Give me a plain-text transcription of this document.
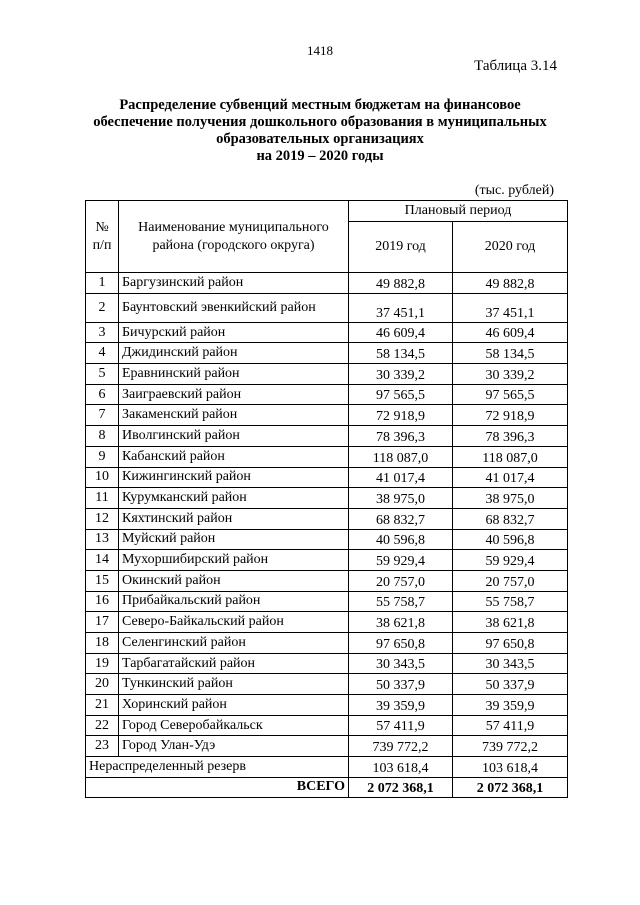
1418
Таблица 3.14
Распределение субвенций местным бюджетам на финансовое
обеспечение получения дошкольного образования в муниципальных
образовательных организациях
на 2019 – 2020 годы
(тыс. рублей)
№ п/п	Наименование муниципального района (городского округа)	Плановый период	
		2019 год	2020 год
1	Баргузинский район	49 882,8	49 882,8
2	Баунтовский эвенкийский район	37 451,1	37 451,1
3	Бичурский район	46 609,4	46 609,4
4	Джидинский район	58 134,5	58 134,5
5	Еравнинский район	30 339,2	30 339,2
6	Заиграевский район	97 565,5	97 565,5
7	Закаменский район	72 918,9	72 918,9
8	Иволгинский район	78 396,3	78 396,3
9	Кабанский район	118 087,0	118 087,0
10	Кижингинский район	41 017,4	41 017,4
11	Курумканский район	38 975,0	38 975,0
12	Кяхтинский район	68 832,7	68 832,7
13	Муйский район	40 596,8	40 596,8
14	Мухоршибирский район	59 929,4	59 929,4
15	Окинский район	20 757,0	20 757,0
16	Прибайкальский район	55 758,7	55 758,7
17	Северо-Байкальский район	38 621,8	38 621,8
18	Селенгинский район	97 650,8	97 650,8
19	Тарбагатайский район	30 343,5	30 343,5
20	Тункинский район	50 337,9	50 337,9
21	Хоринский район	39 359,9	39 359,9
22	Город Северобайкальск	57 411,9	57 411,9
23	Город Улан-Удэ	739 772,2	739 772,2
Нераспределенный резерв		103 618,4	103 618,4
ВСЕГО		2 072 368,1	2 072 368,1
